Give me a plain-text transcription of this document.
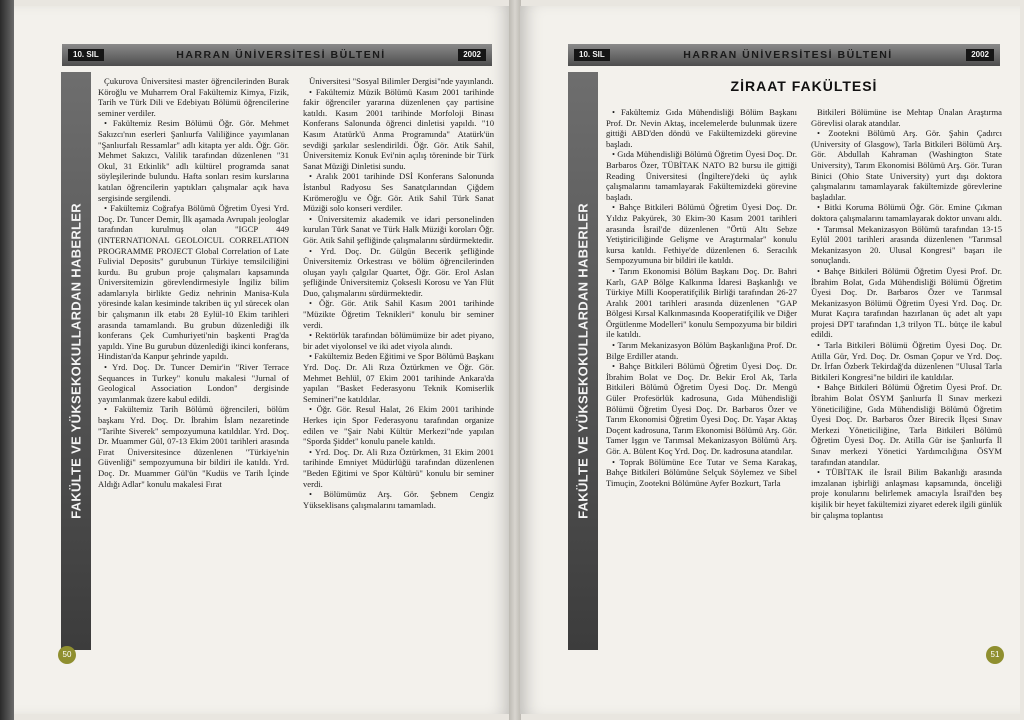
10. SIL	HARRAN ÜNİVERSİTESİ BÜLTENİ	2002
FAKÜLTE VE YÜKSEKOKULLARDAN HABERLER

Çukurova Üniversitesi master öğrencilerinden Burak Köroğlu ve Muharrem Oral Fakültemiz Kimya, Fizik, Tarih ve Türk Dili ve Edebiyatı Bölümü öğrencilerine seminer verdiler.

• Fakültemiz Resim Bölümü Öğr. Gör. Mehmet Sakızcı'nın eserleri Şanlıurfa Valiliğince yayımlanan "Şanlıurfalı Ressamlar" adlı kitapta yer aldı. Öğr. Gör. Mehmet Sakızcı, Valilik tarafından düzenlenen "31 Okul, 31 Etkinlik" adlı kültürel programda sanat söyleşilerinde bulundu. Hafta sonları resim kurslarına katılan öğrencilerin yaptıkları çalışmalar açık hava sergisinde sergilendi.

• Fakültemiz Coğrafya Bölümü Öğretim Üyesi Yrd. Doç. Dr. Tuncer Demir, İlk aşamada Avrupalı jeologlar tarafından kurulmuş olan "IGCP 449 (INTERNATIONAL GEOLOICUL CORRELATION PROGRAMME PROJECT Global Correlation of Late Fulivial Deposits" gurubunun Türkiye temsilciliğini kurdu. Bu grubun proje çalışmaları kapsamında Üniversitemizin görevlendirmesiyle İngiliz bilim adamlarıyla birlikte Gediz nehrinin Manisa-Kula yöresinde kalan kesiminde takriben üç yıl sürecek olan bir çalışmanın ilk etabı 28 Eylül-10 Ekim tarihleri arasında tamamlandı. Bu grubun düzenlediği ilk konferans Çek Cumhuriyeti'nin başkenti Prag'da yapıldı. Yine Bu gurubun düzenlediği ikinci konferans, Hindistan'da Kanpur şehrinde yapıldı.

• Yrd. Doç. Dr. Tuncer Demir'in "River Terrace Sequances in Turkey" konulu makalesi "Jurnal of Geological Association London" dergisinde yayımlanmak üzere kabul edildi.

• Fakültemiz Tarih Bölümü öğrencileri, bölüm başkanı Yrd. Doç. Dr. İbrahim İslam nezaretinde "Tarihte Siverek" sempozyumuna katıldılar. Yrd. Doç. Dr. Muammer Gül, 07-13 Ekim 2001 tarihleri arasında Fırat Üniversitesince düzenlenen "Türkiye'nin Güvenliği" sempozyumuna bir bildiri ile katıldı. Yrd. Doç. Dr. Muammer Gül'ün "Kudüs ve Tarih İçinde Aldığı Adlar" konulu makalesi Fırat

Üniversitesi "Sosyal Bilimler Dergisi"nde yayınlandı.

• Fakültemiz Müzik Bölümü Kasım 2001 tarihinde fakir öğrenciler yararına düzenlenen çay partisine katıldı. Kasım 2001 tarihinde Morfoloji Binası Konferans Salonunda öğrenci dinletisi yapıldı. "10 Kasım Atatürk'ü Anma Programında" Atatürk'ün sevdiği şarkılar seslendirildi. Öğr. Gör. Atik Sahil, Üniversitemiz Konuk Evi'nin açılış töreninde bir Türk Sanat Müziği Dinletisi sundu.

• Aralık 2001 tarihinde DSİ Konferans Salonunda İstanbul Radyosu Ses Sanatçılarından Çiğdem Kırömeroğlu ve Öğr. Gör. Atik Sahil Türk Sanat Müziği solo konseri verdiler.

• Üniversitemiz akademik ve idari personelinden kurulan Türk Sanat ve Türk Halk Müziği koroları Öğr. Gör. Atik Sahil şefliğinde çalışmalarını sürdürmektedir.

• Yrd. Doç. Dr. Gülgün Becerik şefliğinde Üniversitemiz Orkestrası ve bölüm öğrencilerinden oluşan yaylı çalgılar Quartet, Öğr. Gör. Erol Aslan şefliğinde Üniversitemiz Çoksesli Korosu ve Yan Flüt Duo, çalışmalarını sürdürmektedir.

• Öğr. Gör. Atik Sahil Kasım 2001 tarihinde "Müzikte Öğretim Teknikleri" konulu bir seminer verdi.

• Rektörlük tarafından bölümümüze bir adet piyano, bir adet viyolonsel ve iki adet viyola alındı.

• Fakültemiz Beden Eğitimi ve Spor Bölümü Başkanı Yrd. Doç. Dr. Ali Rıza Öztürkmen ve Öğr. Gör. Mehmet Behlül, 07 Ekim 2001 tarihinde Ankara'da yapılan "Basket Federasyonu Teknik Komiserlik Semineri"ne katıldılar.

• Öğr. Gör. Resul Halat, 26 Ekim 2001 tarihinde Herkes için Spor Federasyonu tarafından organize edilen ve "Şair Nabi Kültür Merkezi"nde yapılan "Sporda Şiddet" konulu panele katıldı.

• Yrd. Doç. Dr. Ali Rıza Öztürkmen, 31 Ekim 2001 tarihinde Emniyet Müdürlüğü tarafından düzenlenen "Beden Eğitimi ve Spor Kültürü" konulu bir seminer verdi.

• Bölümümüz Arş. Gör. Şebnem Cengiz Yükseklisans çalışmalarını tamamladı.

50
10. SIL	HARRAN ÜNİVERSİTESİ BÜLTENİ	2002
FAKÜLTE VE YÜKSEKOKULLARDAN HABERLER
ZİRAAT FAKÜLTESİ

• Fakültemiz Gıda Mühendisliği Bölüm Başkanı Prof. Dr. Nevin Aktaş, incelemelerde bulunmak üzere gittiği ABD'den döndü ve Fakültemizdeki görevine başladı.

• Gıda Mühendisliği Bölümü Öğretim Üyesi Doç. Dr. Barbaros Özer, TÜBİTAK NATO B2 bursu ile gittiği Reading Üniversitesi (İngiltere)'deki üç aylık çalışmalarını tamamlayarak Fakültemizdeki görevine başladı.

• Bahçe Bitkileri Bölümü Öğretim Üyesi Doç. Dr. Yıldız Pakyürek, 30 Ekim-30 Kasım 2001 tarihleri arasında İsrail'de düzenlenen "Örtü Altı Sebze Yetiştiriciliğinde Gelişme ve Araştırmalar" konulu kursa katıldı. Fethiye'de düzenlenen 6. Seracılık Sempozyumuna bir bildiri ile katıldı.

• Tarım Ekonomisi Bölüm Başkanı Doç. Dr. Bahri Karlı, GAP Bölge Kalkınma İdaresi Başkanlığı ve Türkiye Milli Kooperatifçilik Birliği tarafından 26-27 Aralık 2001 tarihleri arasında düzenlenen "GAP Bölgesi Kırsal Kalkınmasında Kooperatifçilik ve Diğer Örgütlenme Modelleri" konulu Sempozyuma bir bildiri ile katıldı.

• Tarım Mekanizasyon Bölüm Başkanlığına Prof. Dr. Bilge Erdiller atandı.

• Bahçe Bitkileri Bölümü Öğretim Üyesi Doç. Dr. İbrahim Bolat ve Doç. Dr. Bekir Erol Ak, Tarla Bitkileri Bölümü Öğretim Üyesi Doç. Dr. Mengü Güler Profesörlük kadrosuna, Gıda Mühendisliği Bölümü Öğretim Üyesi Doç. Dr. Barbaros Özer ve Tarım Ekonomisi Öğretim Üyesi Doç. Dr. Yaşar Aktaş Doçent kadrosuna, Tarım Ekonomisi Bölümü Arş. Gör. Tamer Işgın ve Tarımsal Mekanizasyon Bölümü Arş. Gör. A. Bülent Koç Yrd. Doç. Dr. kadrosuna atandılar.

• Toprak Bölümüne Ece Tutar ve Sema Karakaş, Bahçe Bitkileri Bölümüne Selçuk Söylemez ve Sibel Timuçin, Zootekni Bölümüne Ayfer Bozkurt, Tarla

Bitkileri Bölümüne ise Mehtap Ünalan Araştırma Görevlisi olarak atandılar.

• Zootekni Bölümü Arş. Gör. Şahin Çadırcı (University of Glasgow), Tarla Bitkileri Bölümü Arş. Gör. Abdullah Kahraman (Washington State University), Tarım Ekonomisi Bölümü Arş. Gör. Turan Binici (Ohio State University) yurt dışı doktora çalışmalarını tamamlayarak fakültemizde görevlerine başladılar.

• Bitki Koruma Bölümü Öğr. Gör. Emine Çıkman doktora çalışmalarını tamamlayarak doktor unvanı aldı.

• Tarımsal Mekanizasyon Bölümü tarafından 13-15 Eylül 2001 tarihleri arasında düzenlenen "Tarımsal Mekanizasyon 20. Ulusal Kongresi" başarı ile sonuçlandı.

• Bahçe Bitkileri Bölümü Öğretim Üyesi Prof. Dr. İbrahim Bolat, Gıda Mühendisliği Bölümü Öğretim Üyesi Doç. Dr. Barbaros Özer ve Tarımsal Mekanizasyon Bölümü Öğretim Üyesi Yrd. Doç. Dr. Murat Kaçıra tarafından hazırlanan üç adet alt yapı projesi DPT tarafından 1,3 trilyon TL. bütçe ile kabul edildi.

• Tarla Bitkileri Bölümü Öğretim Üyesi Doç. Dr. Atilla Gür, Yrd. Doç. Dr. Osman Çopur ve Yrd. Doç. Dr. İrfan Özberk Tekirdağ'da düzenlenen "Ulusal Tarla Bitkileri Kongresi"ne bildiri ile katıldılar.

• Bahçe Bitkileri Bölümü Öğretim Üyesi Prof. Dr. İbrahim Bolat ÖSYM Şanlıurfa İl Sınav merkezi Yöneticiliğine, Gıda Mühendisliği Bölümü Öğretim Üyesi Doç. Dr. Barbaros Özer Birecik İlçesi Sınav Merkezi Yöneticiliğine, Tarla Bitkileri Bölümü Öğretim Üyesi Doç. Dr. Atilla Gür ise Şanlıurfa İl Sınav merkezi Yönetici Yardımcılığına ÖSYM tarafından atandılar.

• TÜBİTAK ile İsrail Bilim Bakanlığı arasında imzalanan işbirliği anlaşması kapsamında, önceliği proje konularını belirlemek amacıyla İsrail'den beş kişilik bir heyet fakültemizi ziyaret ederek ilgili günlük bir çalışma toplantısı

51
